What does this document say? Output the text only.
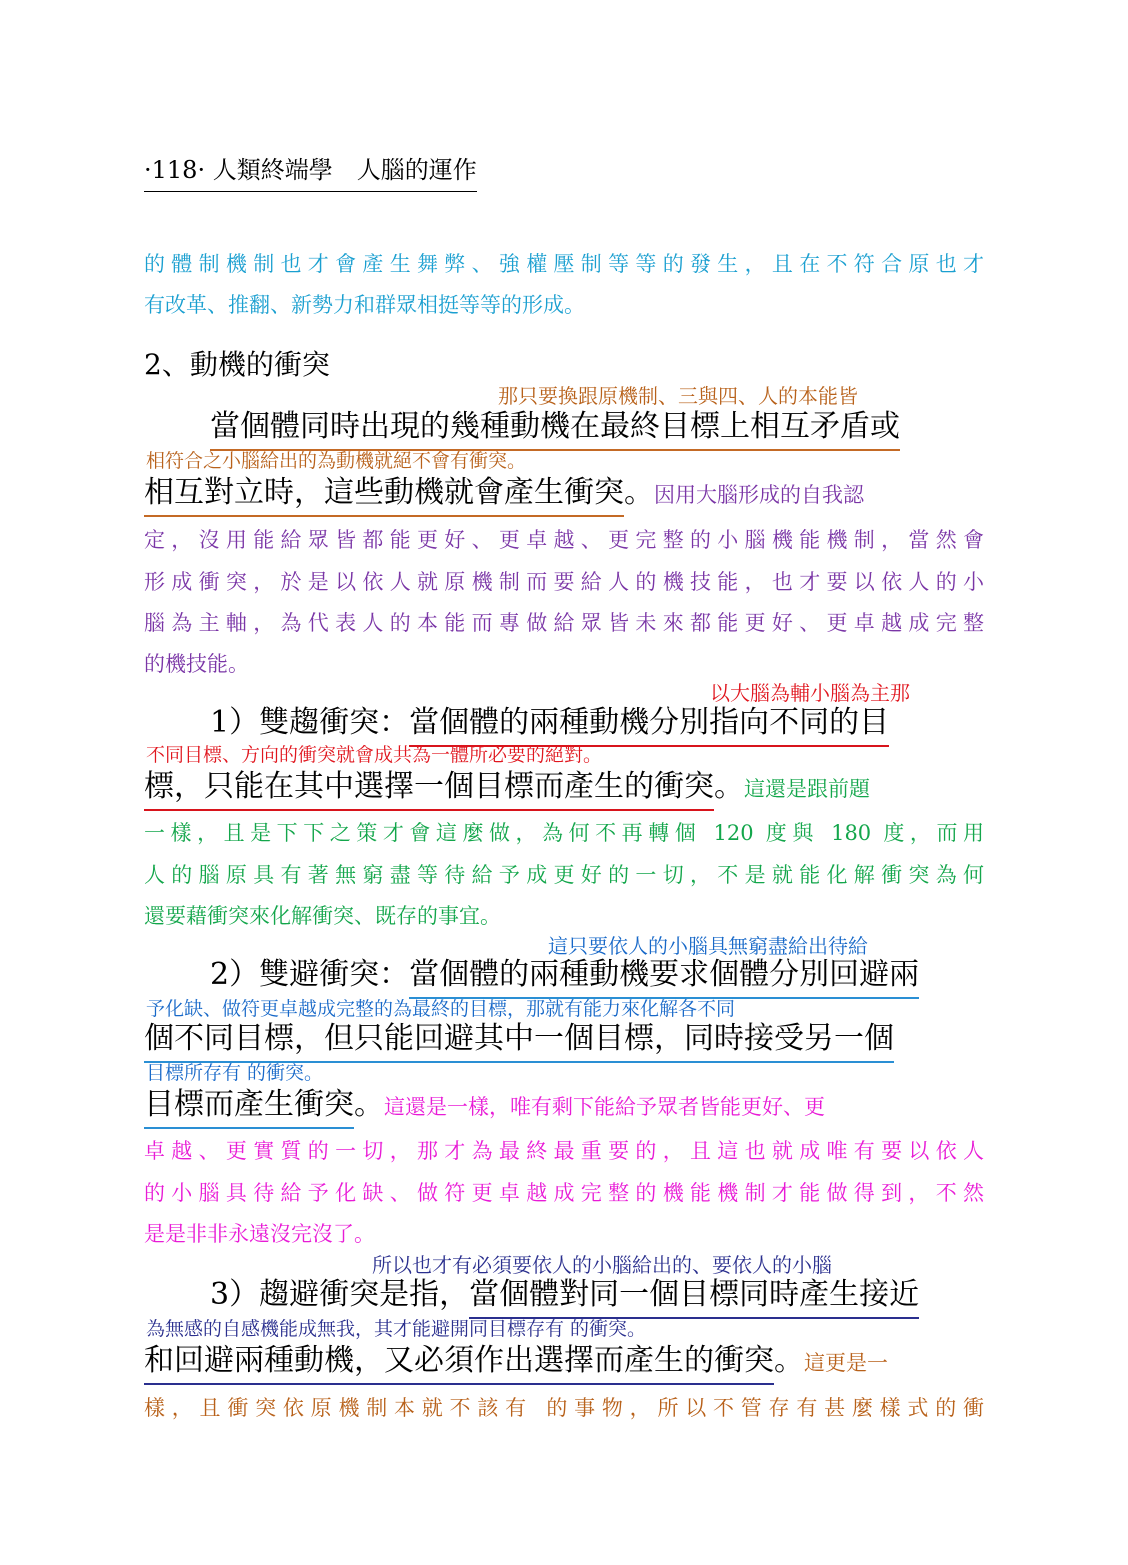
·118· 人類終端學　人腦的運作
的體制機制也才會產生舞弊、強權壓制等等的發生，且在不符合原也才
有改革、推翻、新勢力和群眾相挺等等的形成。
2、動機的衝突
那只要換跟原機制、三與四、人的本能皆
當個體同時出現的幾種動機在最終目標上相互矛盾或
相符合之小腦給出的為動機就絕不會有衝突。
相互對立時，這些動機就會產生衝突。因用大腦形成的自我認
定，沒用能給眾皆都能更好、更卓越、更完整的小腦機能機制，當然會
形成衝突，於是以依人就原機制而要給人的機技能，也才要以依人的小
腦為主軸，為代表人的本能而專做給眾皆未來都能更好、更卓越成完整
的機技能。
以大腦為輔小腦為主那
1）雙趨衝突：當個體的兩種動機分別指向不同的目
不同目標、方向的衝突就會成共為一體所必要的絕對。
標，只能在其中選擇一個目標而產生的衝突。這還是跟前題
一樣，且是下下之策才會這麼做，為何不再轉個 120 度與 180 度，而用
人的腦原具有著無窮盡等待給予成更好的一切，不是就能化解衝突為何
還要藉衝突來化解衝突、既存的事宜。
這只要依人的小腦具無窮盡給出待給
2）雙避衝突：當個體的兩種動機要求個體分別回避兩
予化缺、做符更卓越成完整的為最終的目標，那就有能力來化解各不同
個不同目標，但只能回避其中一個目標，同時接受另一個
目標所存有 的衝突。
目標而產生衝突。這還是一樣，唯有剩下能給予眾者皆能更好、更
卓越、更實質的一切，那才為最終最重要的，且這也就成唯有要以依人
的小腦具待給予化缺、做符更卓越成完整的機能機制才能做得到，不然
是是非非永遠沒完沒了。
所以也才有必須要依人的小腦給出的、要依人的小腦
3）趨避衝突是指，當個體對同一個目標同時產生接近
為無感的自感機能成無我，其才能避開同目標存有 的衝突。
和回避兩種動機，又必須作出選擇而產生的衝突。這更是一
樣，且衝突依原機制本就不該有 的事物，所以不管存有甚麼樣式的衝
